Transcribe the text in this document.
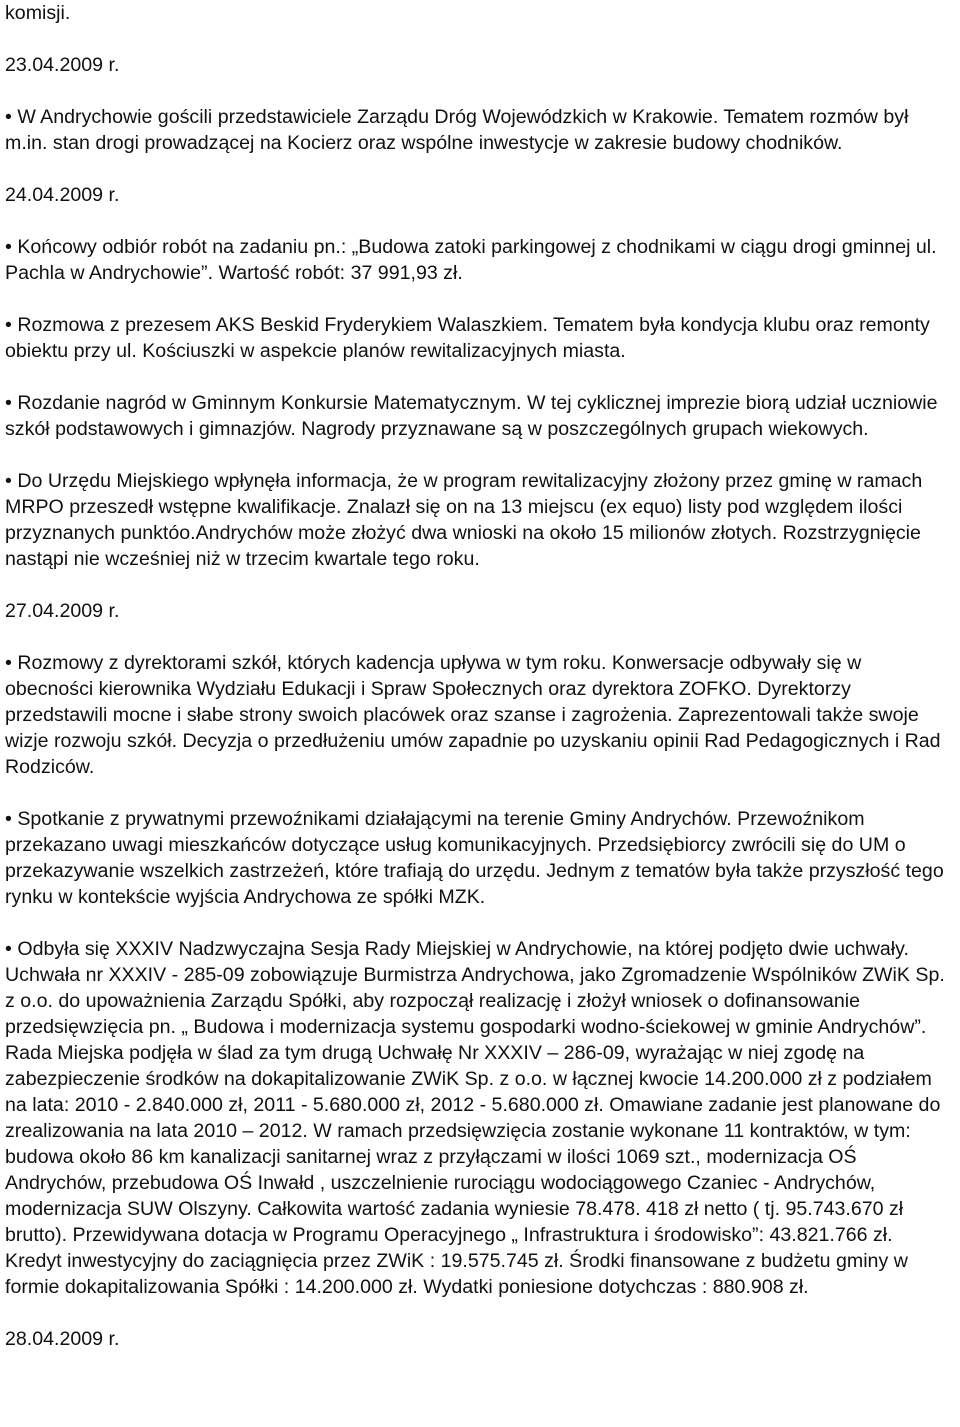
komisji.

23.04.2009 r.

• W Andrychowie gościli przedstawiciele Zarządu Dróg Wojewódzkich w Krakowie. Tematem rozmów był m.in. stan drogi prowadzącej na Kocierz oraz wspólne inwestycje w zakresie budowy chodników.

24.04.2009 r.

• Końcowy odbiór robót na zadaniu pn.: „Budowa zatoki parkingowej z chodnikami w ciągu drogi gminnej ul. Pachla w Andrychowie”. Wartość robót: 37 991,93 zł.

• Rozmowa z prezesem AKS Beskid Fryderykiem Walaszkiem. Tematem była kondycja klubu oraz remonty obiektu przy ul. Kościuszki w aspekcie planów rewitalizacyjnych miasta.

• Rozdanie nagród w Gminnym Konkursie Matematycznym. W tej cyklicznej imprezie biorą udział uczniowie szkół podstawowych i gimnazjów. Nagrody przyznawane są w poszczególnych grupach wiekowych.

• Do Urzędu Miejskiego wpłynęła informacja, że w program rewitalizacyjny złożony przez gminę w ramach MRPO przeszedł wstępne kwalifikacje. Znalazł się on na 13 miejscu (ex equo) listy pod względem ilości przyznanych punktóo.Andrychów może złożyć dwa wnioski na około 15 milionów złotych. Rozstrzygnięcie nastąpi nie wcześniej niż w trzecim kwartale tego roku.

27.04.2009 r.

• Rozmowy z dyrektorami szkół, których kadencja upływa w tym roku. Konwersacje odbywały się w obecności kierownika Wydziału Edukacji i Spraw Społecznych oraz dyrektora ZOFKO. Dyrektorzy przedstawili mocne i słabe strony swoich placówek oraz szanse i zagrożenia. Zaprezentowali także swoje wizje rozwoju szkół. Decyzja o przedłużeniu umów zapadnie po uzyskaniu opinii Rad Pedagogicznych i Rad Rodziców.

• Spotkanie z prywatnymi przewoźnikami działającymi na terenie Gminy Andrychów. Przewoźnikom przekazano uwagi mieszkańców dotyczące usług komunikacyjnych. Przedsiębiorcy zwrócili się do UM o przekazywanie wszelkich zastrzeżeń, które trafiają do urzędu. Jednym z tematów była także przyszłość tego rynku w kontekście wyjścia Andrychowa ze spółki MZK.

• Odbyła się XXXIV Nadzwyczajna Sesja Rady Miejskiej w Andrychowie, na której podjęto dwie uchwały. Uchwała nr XXXIV - 285-09 zobowiązuje Burmistrza Andrychowa, jako Zgromadzenie Wspólników ZWiK Sp. z o.o. do upoważnienia Zarządu Spółki, aby rozpoczął realizację i złożył wniosek o dofinansowanie przedsięwzięcia pn. „ Budowa i modernizacja systemu gospodarki wodno-ściekowej w gminie Andrychów”. Rada Miejska podjęła w ślad za tym drugą Uchwałę Nr XXXIV – 286-09, wyrażając w niej zgodę na zabezpieczenie środków na dokapitalizowanie ZWiK Sp. z o.o. w łącznej kwocie 14.200.000 zł z podziałem na lata: 2010 - 2.840.000 zł, 2011 - 5.680.000 zł, 2012 - 5.680.000 zł. Omawiane zadanie jest planowane do zrealizowania na lata 2010 – 2012. W ramach przedsięwzięcia zostanie wykonane 11 kontraktów, w tym: budowa około 86 km kanalizacji sanitarnej wraz z przyłączami w ilości 1069 szt., modernizacja OŚ Andrychów, przebudowa OŚ Inwałd , uszczelnienie rurociągu wodociągowego Czaniec - Andrychów, modernizacja SUW Olszyny. Całkowita wartość zadania wyniesie 78.478. 418 zł netto ( tj. 95.743.670 zł brutto). Przewidywana dotacja w Programu Operacyjnego „ Infrastruktura i środowisko”: 43.821.766 zł. Kredyt inwestycyjny do zaciągnięcia przez ZWiK : 19.575.745 zł. Środki finansowane z budżetu gminy w formie dokapitalizowania Spółki : 14.200.000 zł. Wydatki poniesione dotychczas : 880.908 zł.

28.04.2009 r.
